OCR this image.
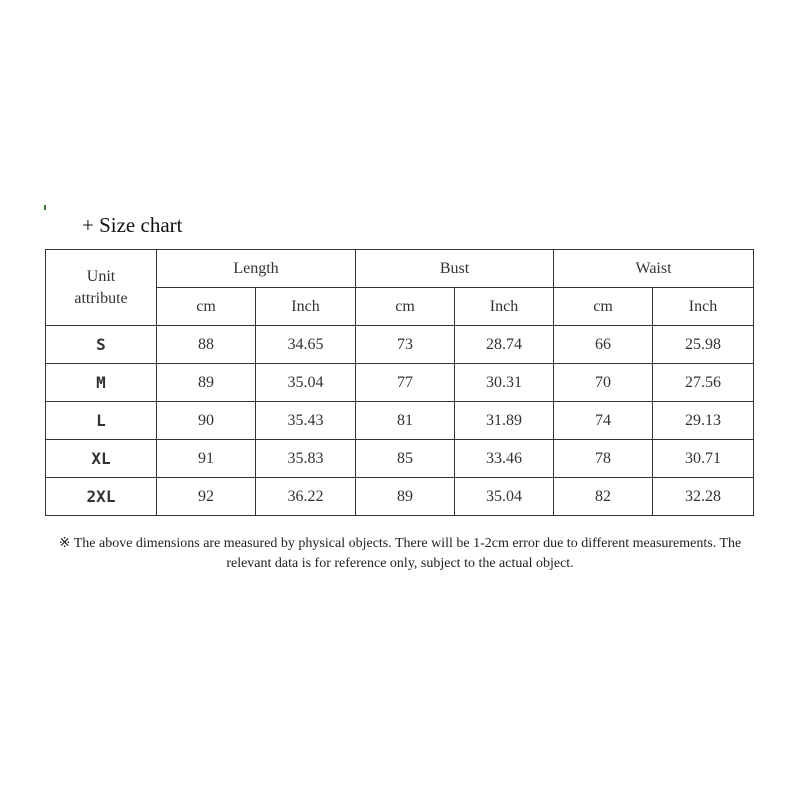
+ Size chart
Unit
attribute	Length		Bust		Waist	
	cm	Inch	cm	Inch	cm	Inch
S	88	34.65	73	28.74	66	25.98
M	89	35.04	77	30.31	70	27.56
L	90	35.43	81	31.89	74	29.13
XL	91	35.83	85	33.46	78	30.71
2XL	92	36.22	89	35.04	82	32.28
※ The above dimensions are measured by physical objects. There will be 1-2cm error due to different measurements. The relevant data is for reference only, subject to the actual object.
